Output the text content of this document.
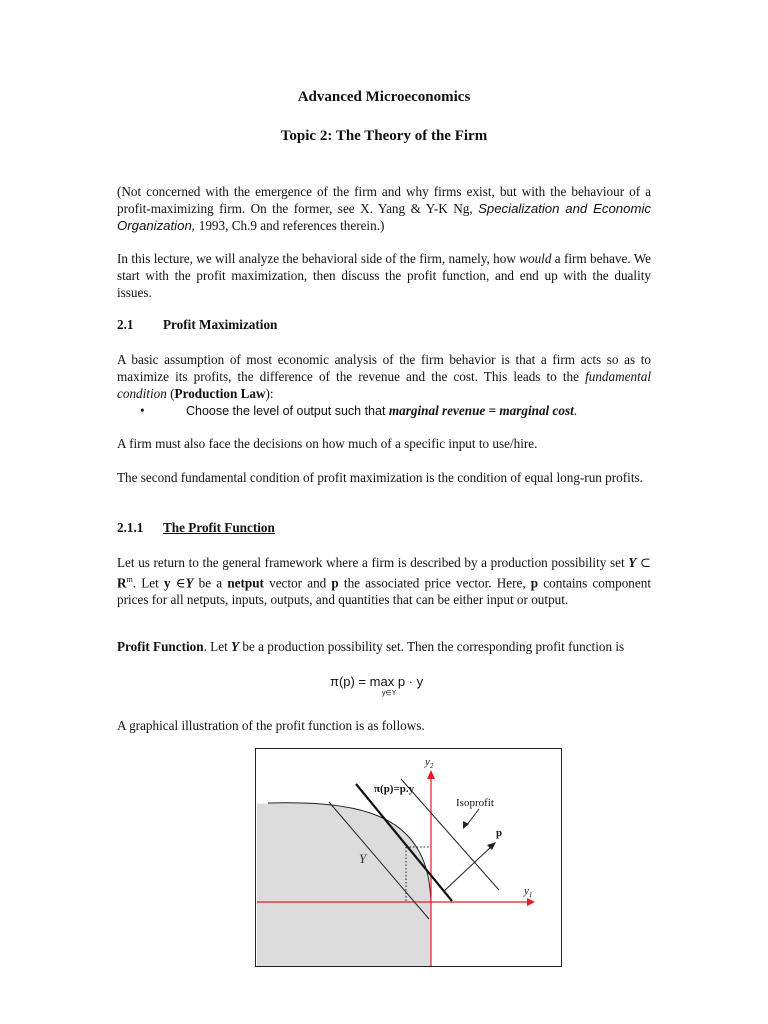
Advanced Microeconomics
Topic 2: The Theory of the Firm
(Not concerned with the emergence of the firm and why firms exist, but with the behaviour of a profit-maximizing firm. On the former, see X. Yang & Y-K Ng, Specialization and Economic Organization, 1993, Ch.9 and references therein.)
In this lecture, we will analyze the behavioral side of the firm, namely, how would a firm behave. We start with the profit maximization, then discuss the profit function, and end up with the duality issues.
2.1 Profit Maximization
A basic assumption of most economic analysis of the firm behavior is that a firm acts so as to maximize its profits, the difference of the revenue and the cost. This leads to the fundamental condition (Production Law):
•	Choose the level of output such that marginal revenue = marginal cost.
A firm must also face the decisions on how much of a specific input to use/hire.
The second fundamental condition of profit maximization is the condition of equal long-run profits.
2.1.1 The Profit Function
Let us return to the general framework where a firm is described by a production possibility set Y ⊂ $R^m$. Let y ∈Y be a netput vector and p the associated price vector. Here, p contains component prices for all netputs, inputs, outputs, and quantities that can be either input or output.
Profit Function. Let Y be a production possibility set. Then the corresponding profit function is
π(p) = max p · y
y∈Y
A graphical illustration of the profit function is as follows.
$y_2$
$y_1$
π(p)=p.y
Isoprofit
p
Y
